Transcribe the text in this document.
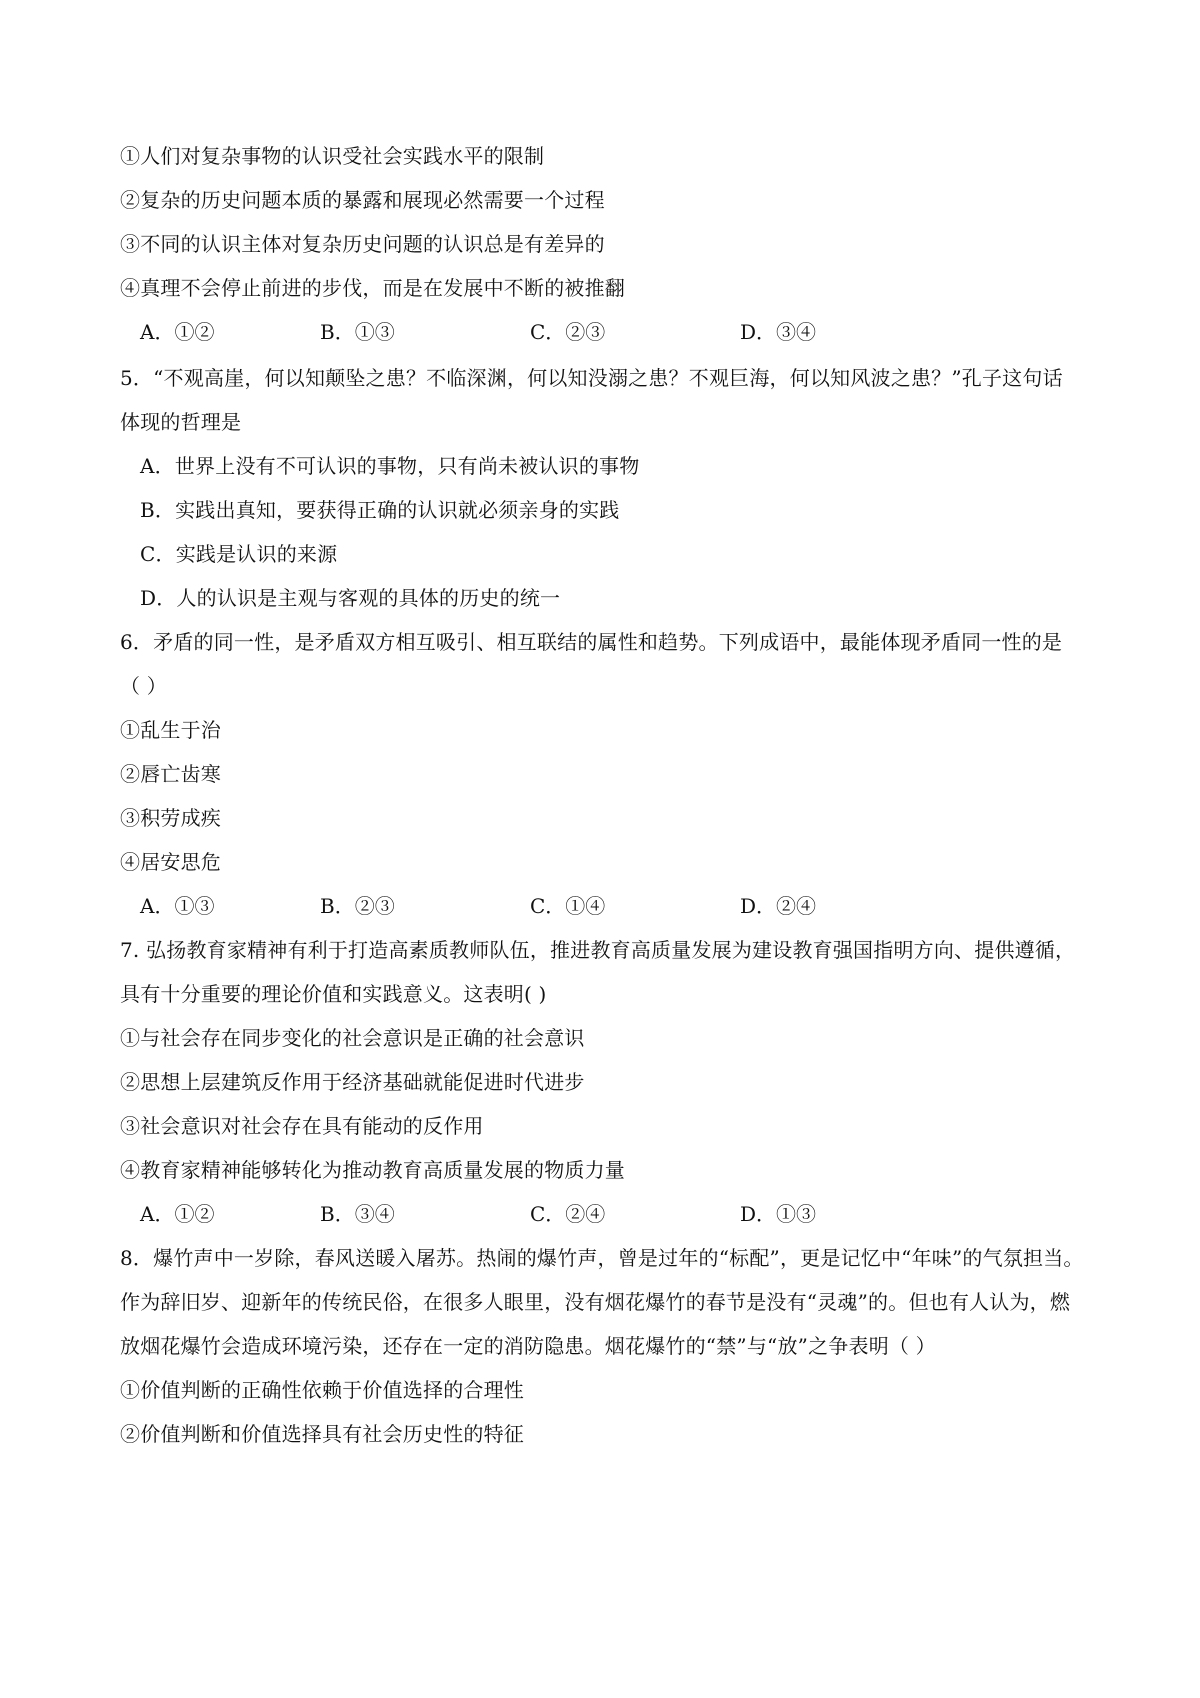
①人们对复杂事物的认识受社会实践水平的限制
②复杂的历史问题本质的暴露和展现必然需要一个过程
③不同的认识主体对复杂历史问题的认识总是有差异的
④真理不会停止前进的步伐，而是在发展中不断的被推翻
A．①②	B．①③	C．②③	D．③④
5．“不观高崖，何以知颠坠之患？不临深渊，何以知没溺之患？不观巨海，何以知风波之患？”孔子这句话
体现的哲理是
A．世界上没有不可认识的事物，只有尚未被认识的事物
B．实践出真知，要获得正确的认识就必须亲身的实践
C．实践是认识的来源
D．人的认识是主观与客观的具体的历史的统一
6．矛盾的同一性，是矛盾双方相互吸引、相互联结的属性和趋势。下列成语中，最能体现矛盾同一性的是
（ ）
①乱生于治
②唇亡齿寒
③积劳成疾
④居安思危
A．①③	B．②③	C．①④	D．②④
7. 弘扬教育家精神有利于打造高素质教师队伍，推进教育高质量发展为建设教育强国指明方向、提供遵循，
具有十分重要的理论价值和实践意义。这表明( )
①与社会存在同步变化的社会意识是正确的社会意识
②思想上层建筑反作用于经济基础就能促进时代进步
③社会意识对社会存在具有能动的反作用
④教育家精神能够转化为推动教育高质量发展的物质力量
A．①②	B．③④	C．②④	D．①③
8．爆竹声中一岁除，春风送暖入屠苏。热闹的爆竹声，曾是过年的“标配”，更是记忆中“年味”的气氛担当。
作为辞旧岁、迎新年的传统民俗，在很多人眼里，没有烟花爆竹的春节是没有“灵魂”的。但也有人认为，燃
放烟花爆竹会造成环境污染，还存在一定的消防隐患。烟花爆竹的“禁”与“放”之争表明（ ）
①价值判断的正确性依赖于价值选择的合理性
②价值判断和价值选择具有社会历史性的特征
